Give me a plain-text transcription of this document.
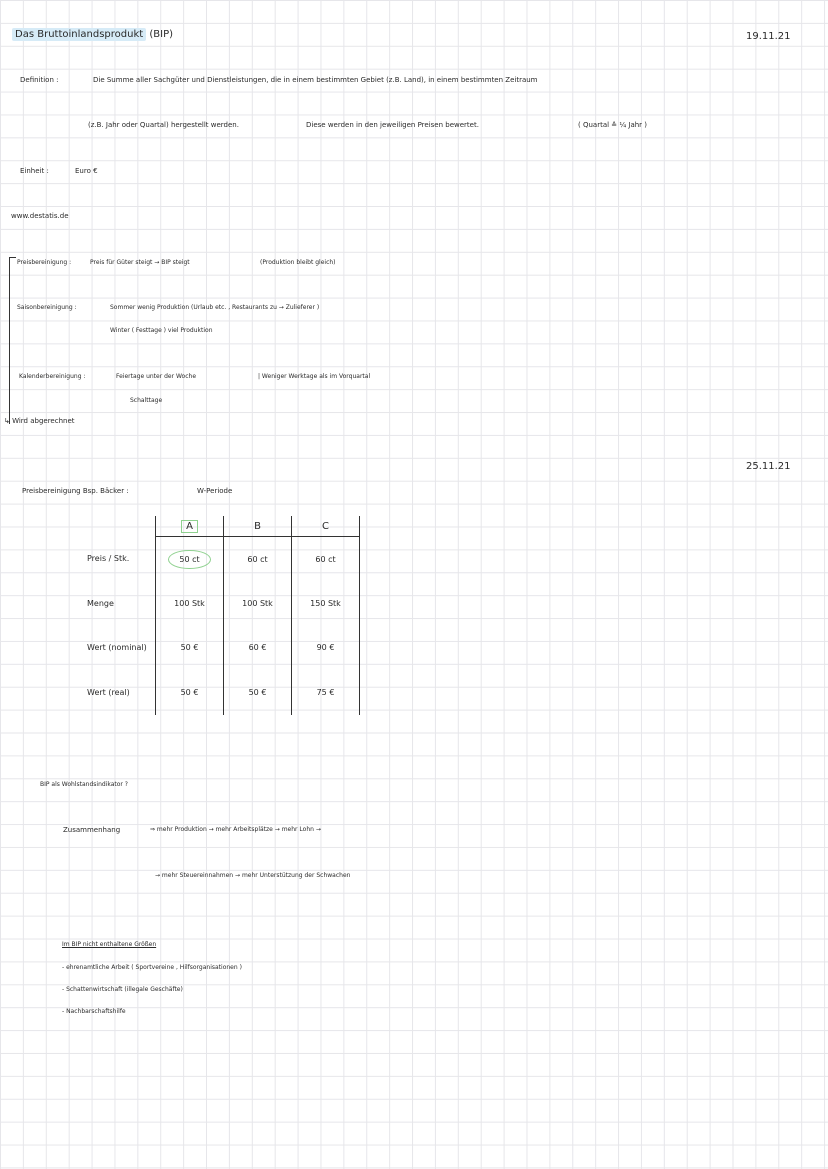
Das Bruttoinlandsprodukt (BIP)	19.11.21
Definition :	Die Summe aller Sachgüter und Dienstleistungen, die in einem bestimmten Gebiet (z.B. Land), in einem bestimmten Zeitraum
(z.B. Jahr oder Quartal) hergestellt werden.	Diese werden in den jeweiligen Preisen bewertet.	( Quartal ≙ ¼ Jahr )
Einheit :	Euro €
www.destatis.de
Preisbereinigung :	Preis für Güter steigt → BIP steigt	(Produktion bleibt gleich)
Saisonbereinigung :	Sommer wenig Produktion (Urlaub etc. , Restaurants zu → Zulieferer )
Winter ( Festtage ) viel Produktion
Kalenderbereinigung :	Feiertage unter der Woche	| Weniger Werktage als im Vorquartal
Schalttage
↳ Wird abgerechnet
25.11.21
Preisbereinigung Bsp. Bäcker :	W-Periode
	A	B	C
Preis / Stk.	50 ct	60 ct	60 ct
Menge	100 Stk	100 Stk	150 Stk
Wert (nominal)	50 €	60 €	90 €
Wert (real)	50 €	50 €	75 €
BIP als Wohlstandsindikator ?
Zusammenhang	⇒ mehr Produktion → mehr Arbeitsplätze → mehr Lohn →
→ mehr Steuereinnahmen → mehr Unterstützung der Schwachen
Im BIP nicht enthaltene Größen
- ehrenamtliche Arbeit ( Sportvereine , Hilfsorganisationen )
- Schattenwirtschaft (illegale Geschäfte)
- Nachbarschaftshilfe
